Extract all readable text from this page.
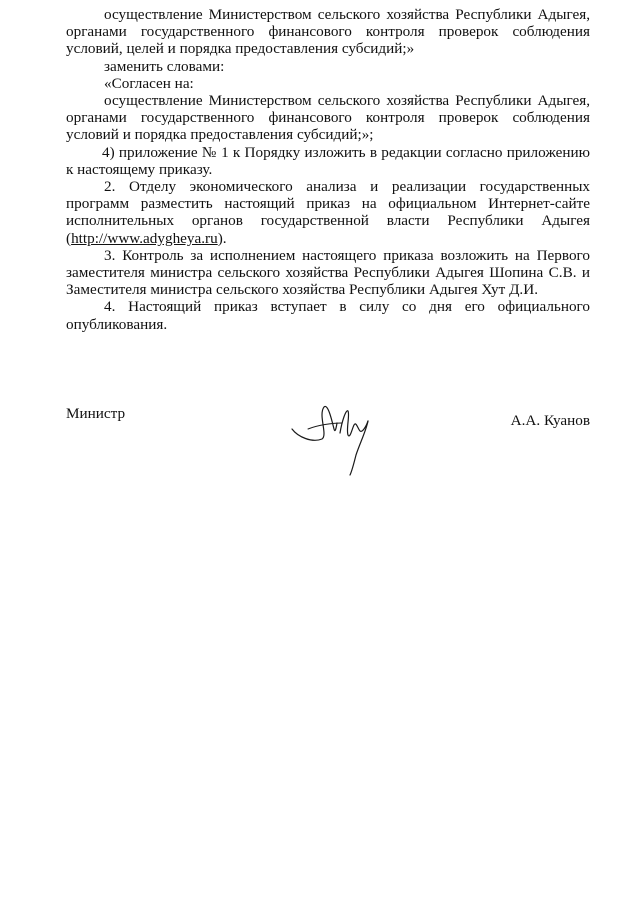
осуществление Министерством сельского хозяйства Республики Адыгея, органами государственного финансового контроля проверок соблюдения условий, целей и порядка предоставления субсидий;»

заменить словами:

«Согласен на:

осуществление Министерством сельского хозяйства Республики Адыгея, органами государственного финансового контроля проверок соблюдения условий и порядка предоставления субсидий;»;

4) приложение № 1 к Порядку изложить в редакции согласно приложению к настоящему приказу.

2. Отделу экономического анализа и реализации государственных программ разместить настоящий приказ на официальном Интернет-сайте исполнительных органов государственной власти Республики Адыгея (http://www.adygheya.ru).

3. Контроль за исполнением настоящего приказа возложить на Первого заместителя министра сельского хозяйства Республики Адыгея Шопина С.В. и Заместителя министра сельского хозяйства Республики Адыгея Хут Д.И.

4. Настоящий приказ вступает в силу со дня его официального опубликования.

Министр	А.А. Куанов
